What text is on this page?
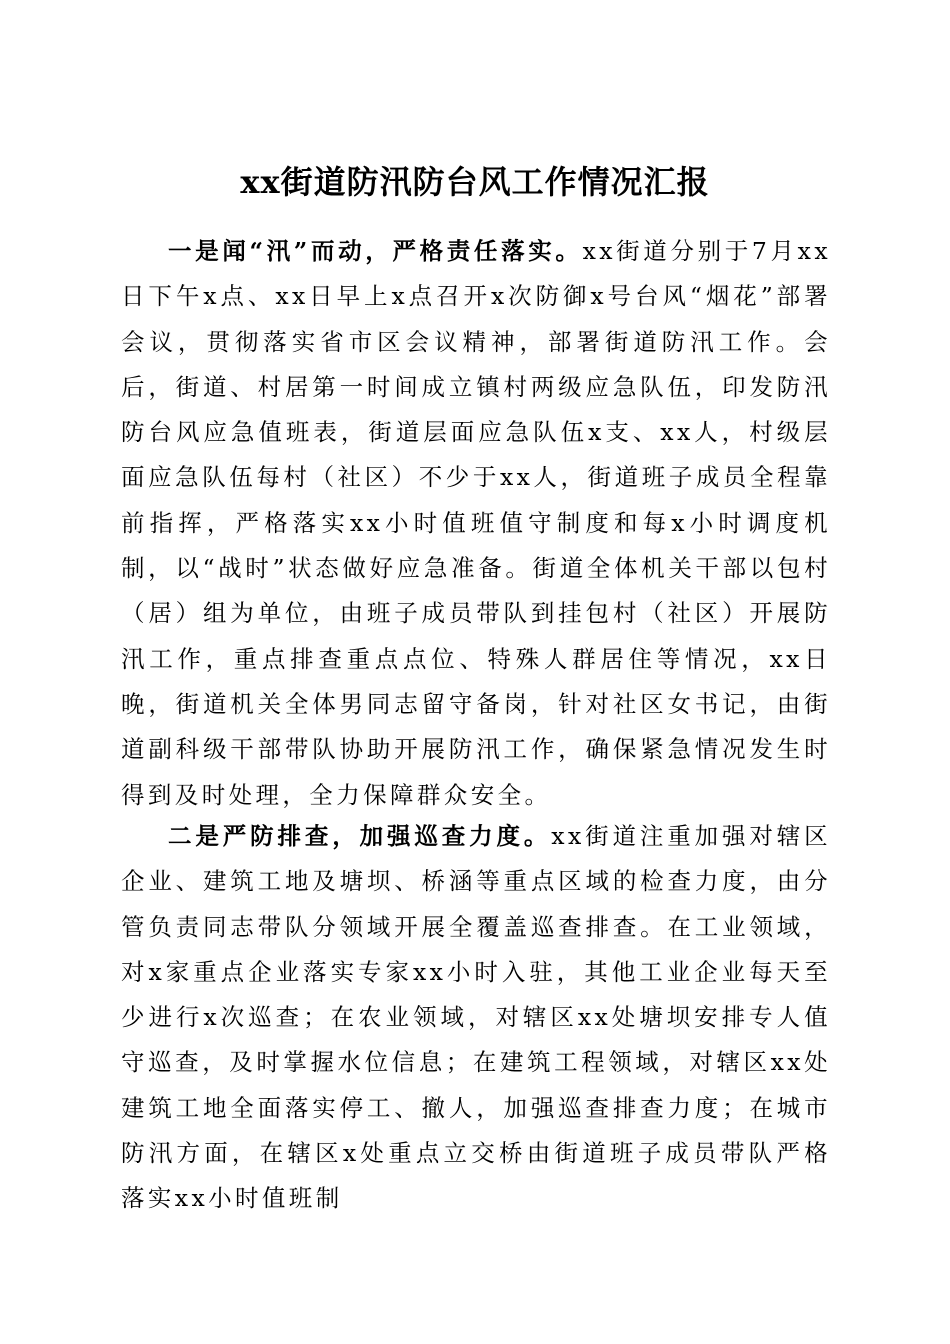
xx街道防汛防台风工作情况汇报

一是闻“汛”而动，严格责任落实。xx街道分别于7月xx日下午x点、xx日早上x点召开x次防御x号台风“烟花”部署会议，贯彻落实省市区会议精神，部署街道防汛工作。会后，街道、村居第一时间成立镇村两级应急队伍，印发防汛防台风应急值班表，街道层面应急队伍x支、xx人，村级层面应急队伍每村（社区）不少于xx人，街道班子成员全程靠前指挥，严格落实xx小时值班值守制度和每x小时调度机制，以“战时”状态做好应急准备。街道全体机关干部以包村（居）组为单位，由班子成员带队到挂包村（社区）开展防汛工作，重点排查重点点位、特殊人群居住等情况，xx日晚，街道机关全体男同志留守备岗，针对社区女书记，由街道副科级干部带队协助开展防汛工作，确保紧急情况发生时得到及时处理，全力保障群众安全。

二是严防排查，加强巡查力度。xx街道注重加强对辖区企业、建筑工地及塘坝、桥涵等重点区域的检查力度，由分管负责同志带队分领域开展全覆盖巡查排查。在工业领域，对x家重点企业落实专家xx小时入驻，其他工业企业每天至少进行x次巡查；在农业领域，对辖区xx处塘坝安排专人值守巡查，及时掌握水位信息；在建筑工程领域，对辖区xx处建筑工地全面落实停工、撤人，加强巡查排查力度；在城市防汛方面，在辖区x处重点立交桥由街道班子成员带队严格落实xx小时值班制
